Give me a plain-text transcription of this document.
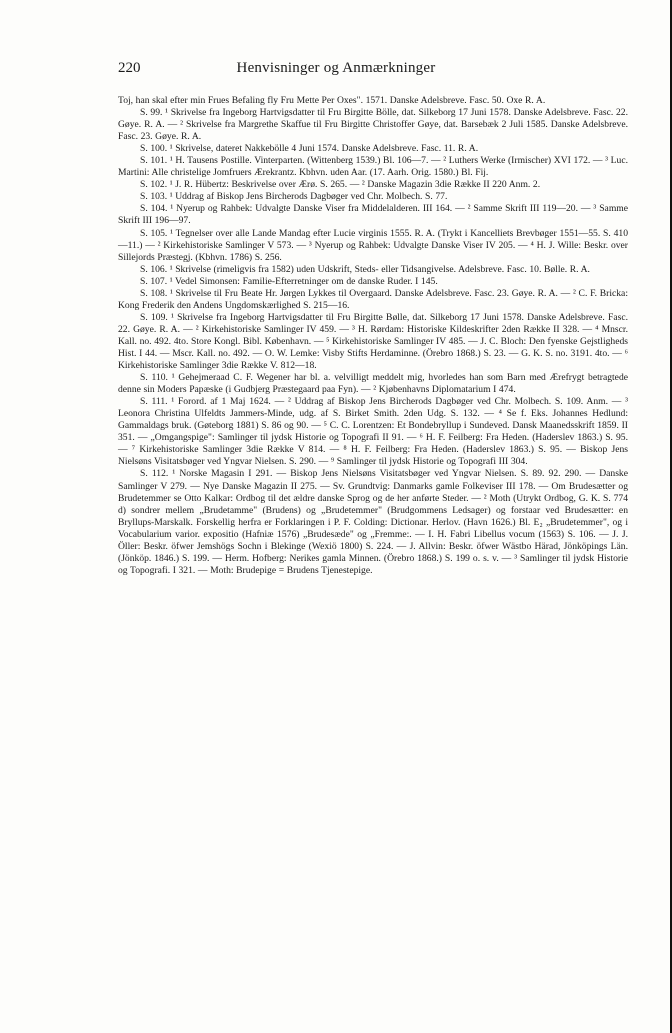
220	Henvisninger og Anmærkninger

Toj, han skal efter min Frues Befaling fly Fru Mette Per Oxes". 1571. Danske Adelsbreve. Fasc. 50. Oxe R. A.

S. 99. ¹ Skrivelse fra Ingeborg Hartvigsdatter til Fru Birgitte Bölle, dat. Silkeborg 17 Juni 1578. Danske Adelsbreve. Fasc. 22. Gøye. R. A. — ² Skrivelse fra Margrethe Skaffue til Fru Birgitte Christoffer Gøye, dat. Barsebæk 2 Juli 1585. Danske Adelsbreve. Fasc. 23. Gøye. R. A.

S. 100. ¹ Skrivelse, dateret Nakkebölle 4 Juni 1574. Danske Adelsbreve. Fasc. 11. R. A.

S. 101. ¹ H. Tausens Postille. Vinterparten. (Wittenberg 1539.) Bl. 106—7. — ² Luthers Werke (Irmischer) XVI 172. — ³ Luc. Martini: Alle christelige Jomfruers Ærekrantz. Kbhvn. uden Aar. (17. Aarh. Orig. 1580.) Bl. Fij.

S. 102. ¹ J. R. Hübertz: Beskrivelse over Ærø. S. 265. — ² Danske Magazin 3die Række II 220 Anm. 2.

S. 103. ¹ Uddrag af Biskop Jens Bircherods Dagbøger ved Chr. Molbech. S. 77.

S. 104. ¹ Nyerup og Rahbek: Udvalgte Danske Viser fra Middelalderen. III 164. — ² Samme Skrift III 119—20. — ³ Samme Skrift III 196—97.

S. 105. ¹ Tegnelser over alle Lande Mandag efter Lucie virginis 1555. R. A. (Trykt i Kancelliets Brevbøger 1551—55. S. 410—11.) — ² Kirkehistoriske Samlinger V 573. — ³ Nyerup og Rahbek: Udvalgte Danske Viser IV 205. — ⁴ H. J. Wille: Beskr. over Sillejords Præstegj. (Kbhvn. 1786) S. 256.

S. 106. ¹ Skrivelse (rimeligvis fra 1582) uden Udskrift, Steds- eller Tidsangivelse. Adelsbreve. Fasc. 10. Bølle. R. A.

S. 107. ¹ Vedel Simonsen: Familie-Efterretninger om de danske Ruder. I 145.

S. 108. ¹ Skrivelse til Fru Beate Hr. Jørgen Lykkes til Overgaard. Danske Adelsbreve. Fasc. 23. Gøye. R. A. — ² C. F. Bricka: Kong Frederik den Andens Ungdomskærlighed S. 215—16.

S. 109. ¹ Skrivelse fra Ingeborg Hartvigsdatter til Fru Birgitte Bølle, dat. Silkeborg 17 Juni 1578. Danske Adelsbreve. Fasc. 22. Gøye. R. A. — ² Kirkehistoriske Samlinger IV 459. — ³ H. Rørdam: Historiske Kildeskrifter 2den Række II 328. — ⁴ Mnscr. Kall. no. 492. 4to. Store Kongl. Bibl. København. — ⁵ Kirkehistoriske Samlinger IV 485. — J. C. Bloch: Den fyenske Gejstligheds Hist. I 44. — Mscr. Kall. no. 492. — O. W. Lemke: Visby Stifts Herdaminne. (Örebro 1868.) S. 23. — G. K. S. no. 3191. 4to. — ⁶ Kirkehistoriske Samlinger 3die Række V. 812—18.

S. 110. ¹ Gehejmeraad C. F. Wegener har bl. a. velvilligt meddelt mig, hvorledes han som Barn med Ærefrygt betragtede denne sin Moders Papæske (i Gudbjerg Præstegaard paa Fyn). — ² Kjøbenhavns Diplomatarium I 474.

S. 111. ¹ Forord. af 1 Maj 1624. — ² Uddrag af Biskop Jens Bircherods Dagbøger ved Chr. Molbech. S. 109. Anm. — ³ Leonora Christina Ulfeldts Jammers-Minde, udg. af S. Birket Smith. 2den Udg. S. 132. — ⁴ Se f. Eks. Johannes Hedlund: Gammaldags bruk. (Gøteborg 1881) S. 86 og 90. — ⁵ C. C. Lorentzen: Et Bondebryllup i Sundeved. Dansk Maanedsskrift 1859. II 351. — „Omgangspige": Samlinger til jydsk Historie og Topografi II 91. — ⁶ H. F. Feilberg: Fra Heden. (Haderslev 1863.) S. 95. — ⁷ Kirkehistoriske Samlinger 3die Række V 814. — ⁸ H. F. Feilberg: Fra Heden. (Haderslev 1863.) S. 95. — Biskop Jens Nielsøns Visitatsbøger ved Yngvar Nielsen. S. 290. — ⁹ Samlinger til jydsk Historie og Topografi III 304.

S. 112. ¹ Norske Magasin I 291. — Biskop Jens Nielsøns Visitatsbøger ved Yngvar Nielsen. S. 89. 92. 290. — Danske Samlinger V 279. — Nye Danske Magazin II 275. — Sv. Grundtvig: Danmarks gamle Folkeviser III 178. — Om Brudesætter og Brudetemmer se Otto Kalkar: Ordbog til det ældre danske Sprog og de her anførte Steder. — ² Moth (Utrykt Ordbog, G. K. S. 774 d) sondrer mellem „Brudetamme" (Brudens) og „Brudetemmer" (Brudgommens Ledsager) og forstaar ved Brudesætter: en Bryllups-Marskalk. Forskellig herfra er Forklaringen i P. F. Colding: Dictionar. Herlov. (Havn 1626.) Bl. E₂ „Brudetemmer", og i Vocabularium varior. expositio (Hafniæ 1576) „Brudesæde" og „Fremme:. — I. H. Fabri Libellus vocum (1563) S. 106. — J. J. Öller: Beskr. öfwer Jemshögs Sochn i Blekinge (Wexiö 1800) S. 224. — J. Allvin: Beskr. öfwer Wästbo Härad, Jönköpings Län. (Jönköp. 1846.) S. 199. — Herm. Hofberg: Nerikes gamla Minnen. (Örebro 1868.) S. 199 o. s. v. — ³ Samlinger til jydsk Historie og Topografi. I 321. — Moth: Brudepige = Brudens Tjenestepige.
